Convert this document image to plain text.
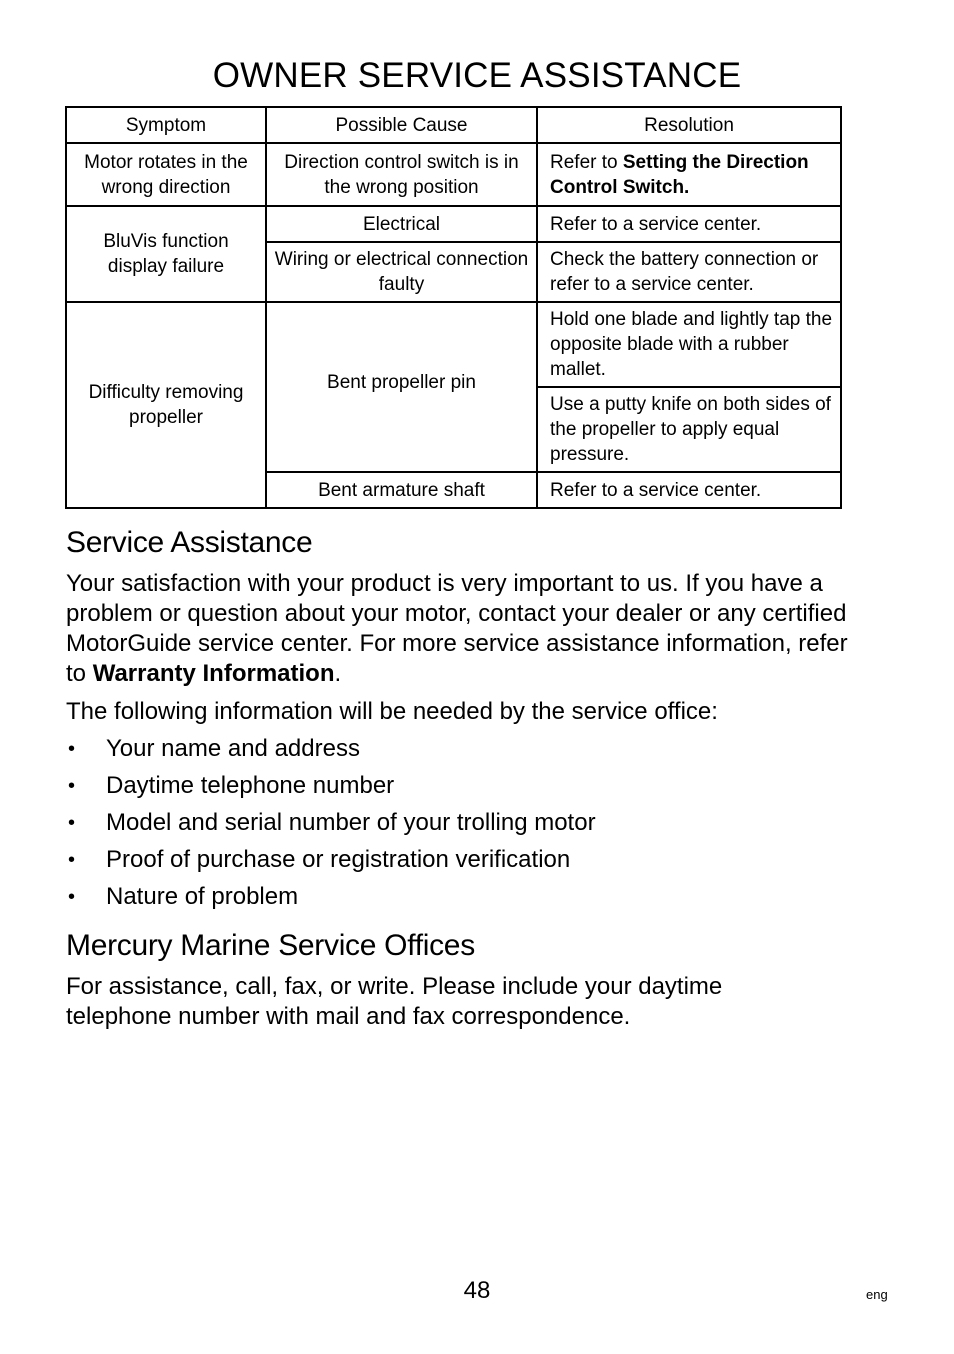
OWNER SERVICE ASSISTANCE
Symptom	Possible Cause	Resolution
Motor rotates in the wrong direction	Direction control switch is in the wrong position	Refer to Setting the Direction Control Switch.
BluVis function display failure	Electrical	Refer to a service center.
	Wiring or electrical connection faulty	Check the battery connection or refer to a service center.
Difficulty removing propeller	Bent propeller pin	Hold one blade and lightly tap the opposite blade with a rubber mallet.
		Use a putty knife on both sides of the propeller to apply equal pressure.
	Bent armature shaft	Refer to a service center.
Service Assistance

Your satisfaction with your product is very important to us. If you have a problem or question about your motor, contact your dealer or any certified MotorGuide service center. For more service assistance information, refer to Warranty Information.

The following information will be needed by the service office:

•	Your name and address
•	Daytime telephone number
•	Model and serial number of your trolling motor
•	Proof of purchase or registration verification
•	Nature of problem
Mercury Marine Service Offices

For assistance, call, fax, or write. Please include your daytime telephone number with mail and fax correspondence.

48	eng
